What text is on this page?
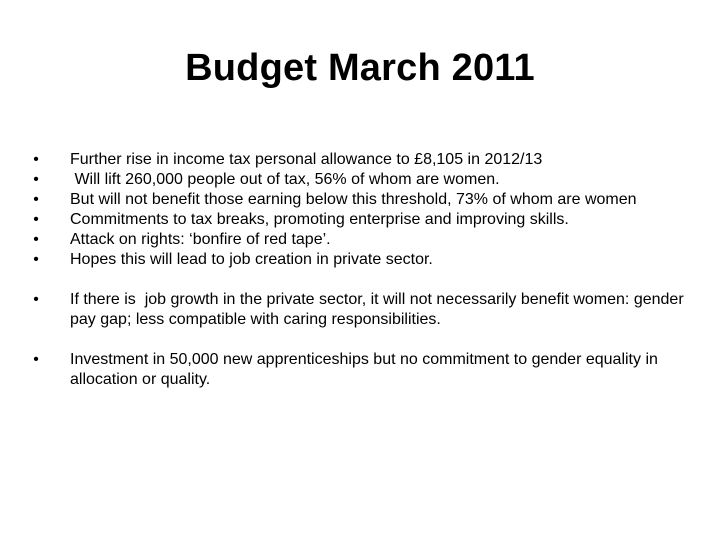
Budget March 2011
•	Further rise in income tax personal allowance to £8,105 in 2012/13
•	Will lift 260,000 people out of tax, 56% of whom are women.
•	But will not benefit those earning below this threshold, 73% of whom are women
•	Commitments to tax breaks, promoting enterprise and improving skills.
•	Attack on rights: ‘bonfire of red tape’.
•	Hopes this will lead to job creation in private sector.
•	If there is  job growth in the private sector, it will not necessarily benefit women: gender pay gap; less compatible with caring responsibilities.
•	Investment in 50,000 new apprenticeships but no commitment to gender equality in allocation or quality.
